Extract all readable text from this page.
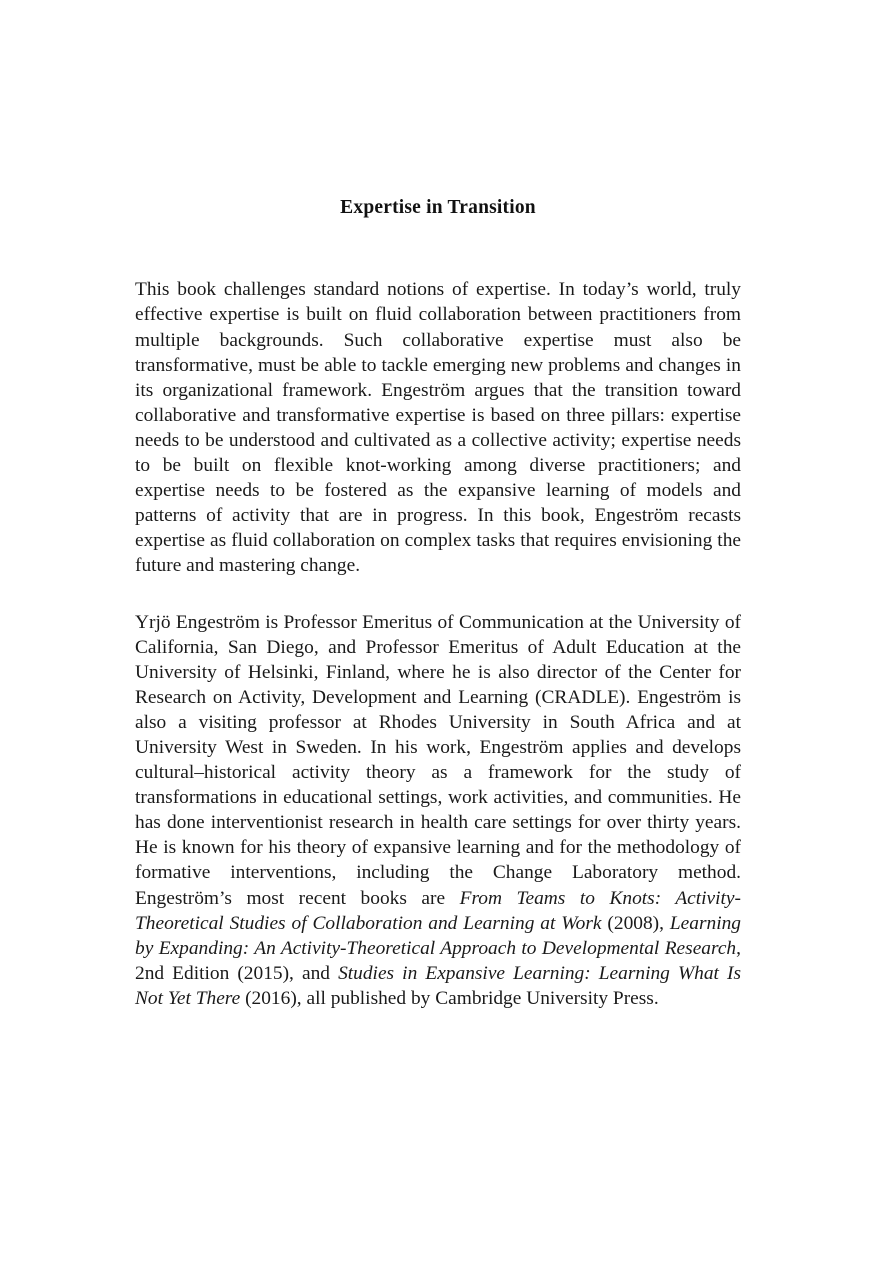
Expertise in Transition

This book challenges standard notions of expertise. In today’s world, truly effective expertise is built on fluid collaboration between practitioners from multiple backgrounds. Such collaborative expertise must also be transformative, must be able to tackle emerging new problems and changes in its organizational framework. Engeström argues that the transition toward collaborative and transformative expertise is based on three pillars: expertise needs to be understood and cultivated as a collective activity; expertise needs to be built on flexible knot-working among diverse practitioners; and expertise needs to be fostered as the expansive learning of models and patterns of activity that are in progress. In this book, Engeström recasts expertise as fluid collaboration on complex tasks that requires envisioning the future and mastering change.

Yrjö Engeström is Professor Emeritus of Communication at the University of California, San Diego, and Professor Emeritus of Adult Education at the University of Helsinki, Finland, where he is also director of the Center for Research on Activity, Development and Learning (CRADLE). Engeström is also a visiting professor at Rhodes University in South Africa and at University West in Sweden. In his work, Engeström applies and develops cultural–historical activity theory as a framework for the study of transformations in educational settings, work activities, and communities. He has done interventionist research in health care settings for over thirty years. He is known for his theory of expansive learning and for the methodology of formative interventions, including the Change Laboratory method. Engeström’s most recent books are From Teams to Knots: Activity-Theoretical Studies of Collaboration and Learning at Work (2008), Learning by Expanding: An Activity-Theoretical Approach to Developmental Research, 2nd Edition (2015), and Studies in Expansive Learning: Learning What Is Not Yet There (2016), all published by Cambridge University Press.
